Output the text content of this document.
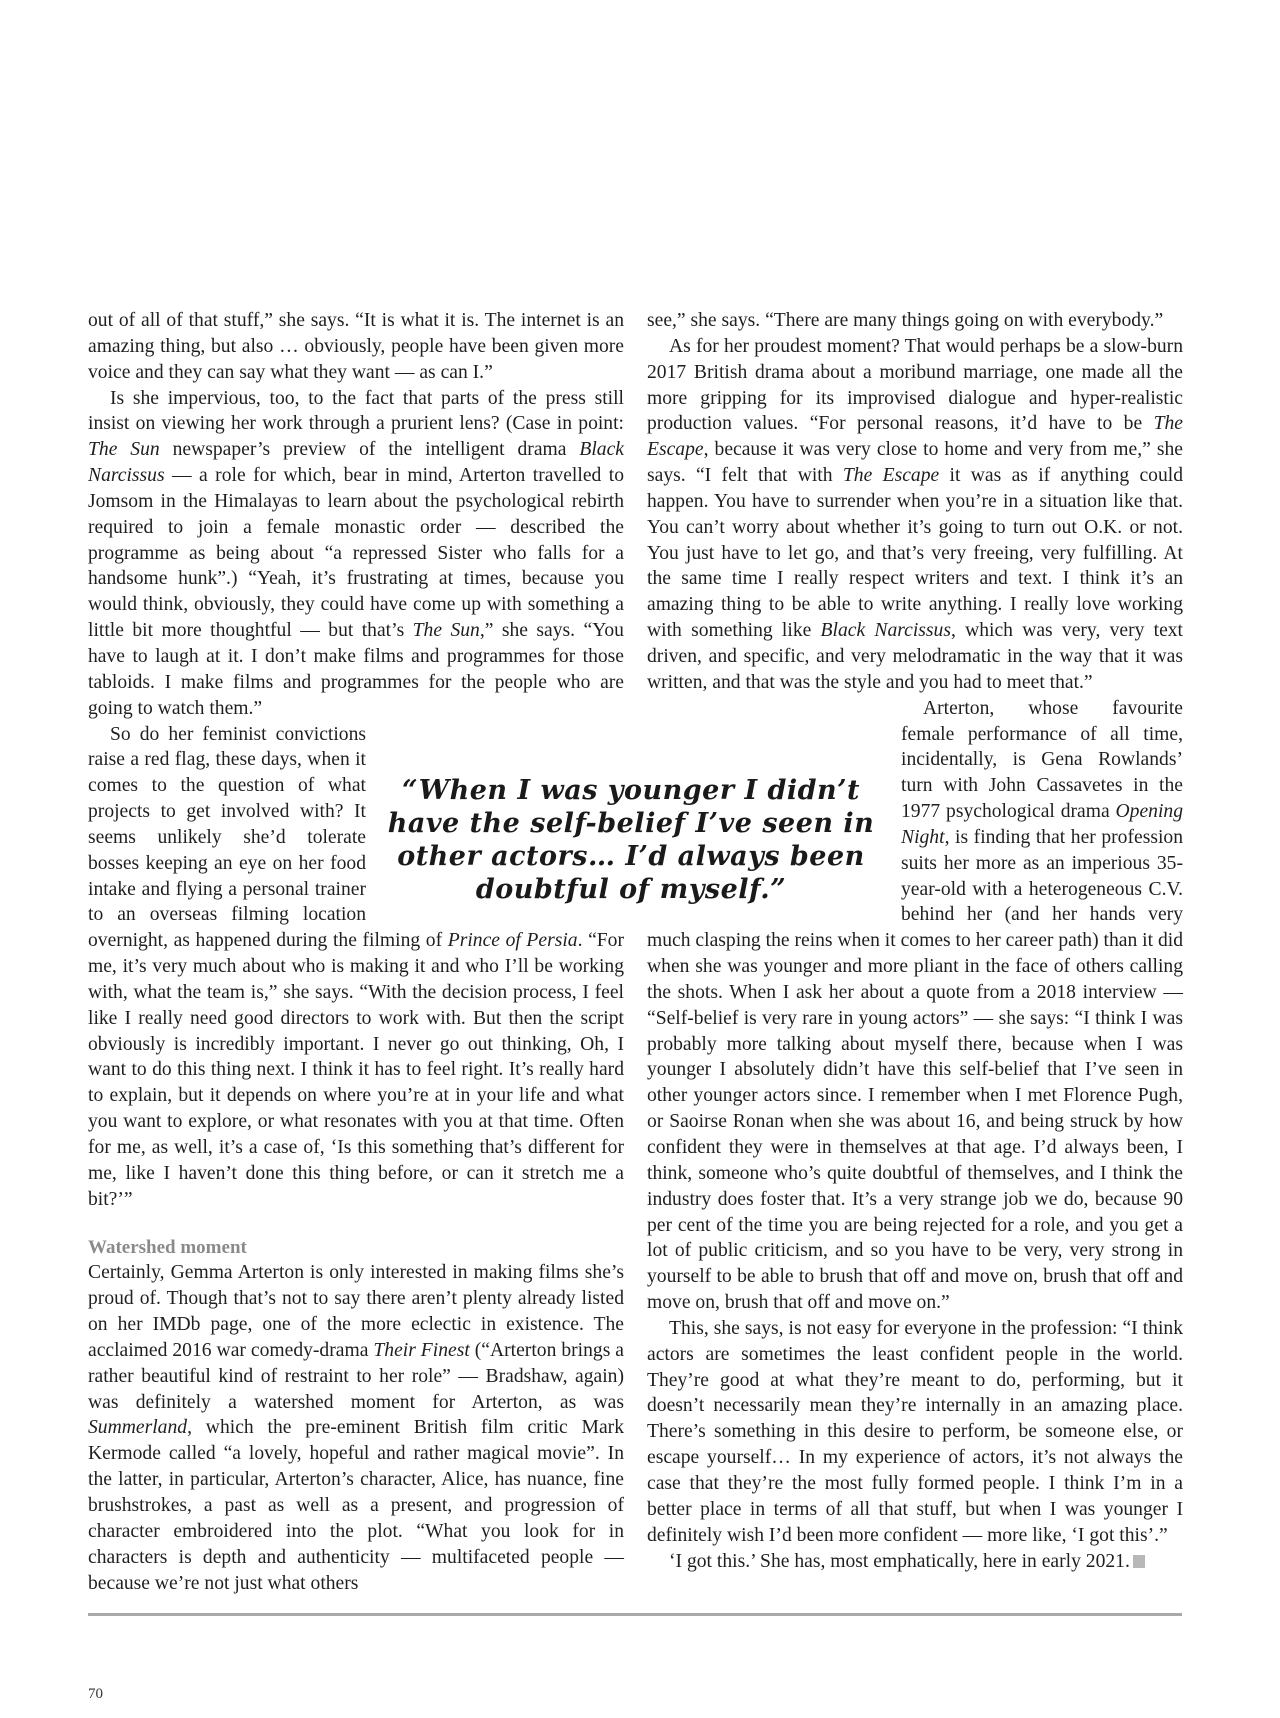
out of all of that stuff,” she says. “It is what it is. The internet is an amazing thing, but also … obviously, people have been given more voice and they can say what they want — as can I.”

Is she impervious, too, to the fact that parts of the press still insist on viewing her work through a prurient lens? (Case in point: The Sun newspaper’s preview of the intelligent drama Black Narcissus — a role for which, bear in mind, Arterton travelled to Jomsom in the Himalayas to learn about the psychological rebirth required to join a female monastic order — described the programme as being about “a repressed Sister who falls for a handsome hunk”.) “Yeah, it’s frustrating at times, because you would think, obviously, they could have come up with something a little bit more thoughtful — but that’s The Sun,” she says. “You have to laugh at it. I don’t make films and programmes for those tabloids. I make films and programmes for the people who are going to watch them.”

So do her feminist convictions raise a red flag, these days, when it comes to the question of what projects to get involved with? It seems unlikely she’d tolerate bosses keeping an eye on her food intake and flying a personal trainer to an overseas filming location overnight, as happened during the filming of Prince of Persia. “For me, it’s very much about who is making it and who I’ll be working with, what the team is,” she says. “With the decision process, I feel like I really need good directors to work with. But then the script obviously is incredibly important. I never go out thinking, Oh, I want to do this thing next. I think it has to feel right. It’s really hard to explain, but it depends on where you’re at in your life and what you want to explore, or what resonates with you at that time. Often for me, as well, it’s a case of, ‘Is this something that’s different for me, like I haven’t done this thing before, or can it stretch me a bit?’”

Watershed moment

Certainly, Gemma Arterton is only interested in making films she’s proud of. Though that’s not to say there aren’t plenty already listed on her IMDb page, one of the more eclectic in existence. The acclaimed 2016 war comedy-drama Their Finest (“Arterton brings a rather beautiful kind of restraint to her role” — Bradshaw, again) was definitely a watershed moment for Arterton, as was Summerland, which the pre-eminent British film critic Mark Kermode called “a lovely, hopeful and rather magical movie”. In the latter, in particular, Arterton’s character, Alice, has nuance, fine brushstrokes, a past as well as a present, and progression of character embroidered into the plot. “What you look for in characters is depth and authenticity — multifaceted people — because we’re not just what others

see,” she says. “There are many things going on with everybody.”

As for her proudest moment? That would perhaps be a slow-burn 2017 British drama about a moribund marriage, one made all the more gripping for its improvised dialogue and hyper-realistic production values. “For personal reasons, it’d have to be The Escape, because it was very close to home and very from me,” she says. “I felt that with The Escape it was as if anything could happen. You have to surrender when you’re in a situation like that. You can’t worry about whether it’s going to turn out O.K. or not. You just have to let go, and that’s very freeing, very fulfilling. At the same time I really respect writers and text. I think it’s an amazing thing to be able to write anything. I really love working with something like Black Narcissus, which was very, very text driven, and specific, and very melodramatic in the way that it was written, and that was the style and you had to meet that.”

Arterton, whose favourite female performance of all time, incidentally, is Gena Rowlands’ turn with John Cassavetes in the 1977 psychological drama Opening Night, is finding that her profession suits her more as an imperious 35-year-old with a heterogeneous C.V. behind her (and her hands very much clasping the reins when it comes to her career path) than it did when she was younger and more pliant in the face of others calling the shots. When I ask her about a quote from a 2018 interview — “Self-belief is very rare in young actors” — she says: “I think I was probably more talking about myself there, because when I was younger I absolutely didn’t have this self-belief that I’ve seen in other younger actors since. I remember when I met Florence Pugh, or Saoirse Ronan when she was about 16, and being struck by how confident they were in themselves at that age. I’d always been, I think, someone who’s quite doubtful of themselves, and I think the industry does foster that. It’s a very strange job we do, because 90 per cent of the time you are being rejected for a role, and you get a lot of public criticism, and so you have to be very, very strong in yourself to be able to brush that off and move on, brush that off and move on, brush that off and move on.”

This, she says, is not easy for everyone in the profession: “I think actors are sometimes the least confident people in the world. They’re good at what they’re meant to do, performing, but it doesn’t necessarily mean they’re internally in an amazing place. There’s something in this desire to perform, be someone else, or escape yourself… In my experience of actors, it’s not always the case that they’re the most fully formed people. I think I’m in a better place in terms of all that stuff, but when I was younger I definitely wish I’d been more confident — more like, ‘I got this’.”

‘I got this.’ She has, most emphatically, here in early 2021.

“When I was younger I didn’t have the self-belief I’ve seen in other actors… I’d always been doubtful of myself.”
70
